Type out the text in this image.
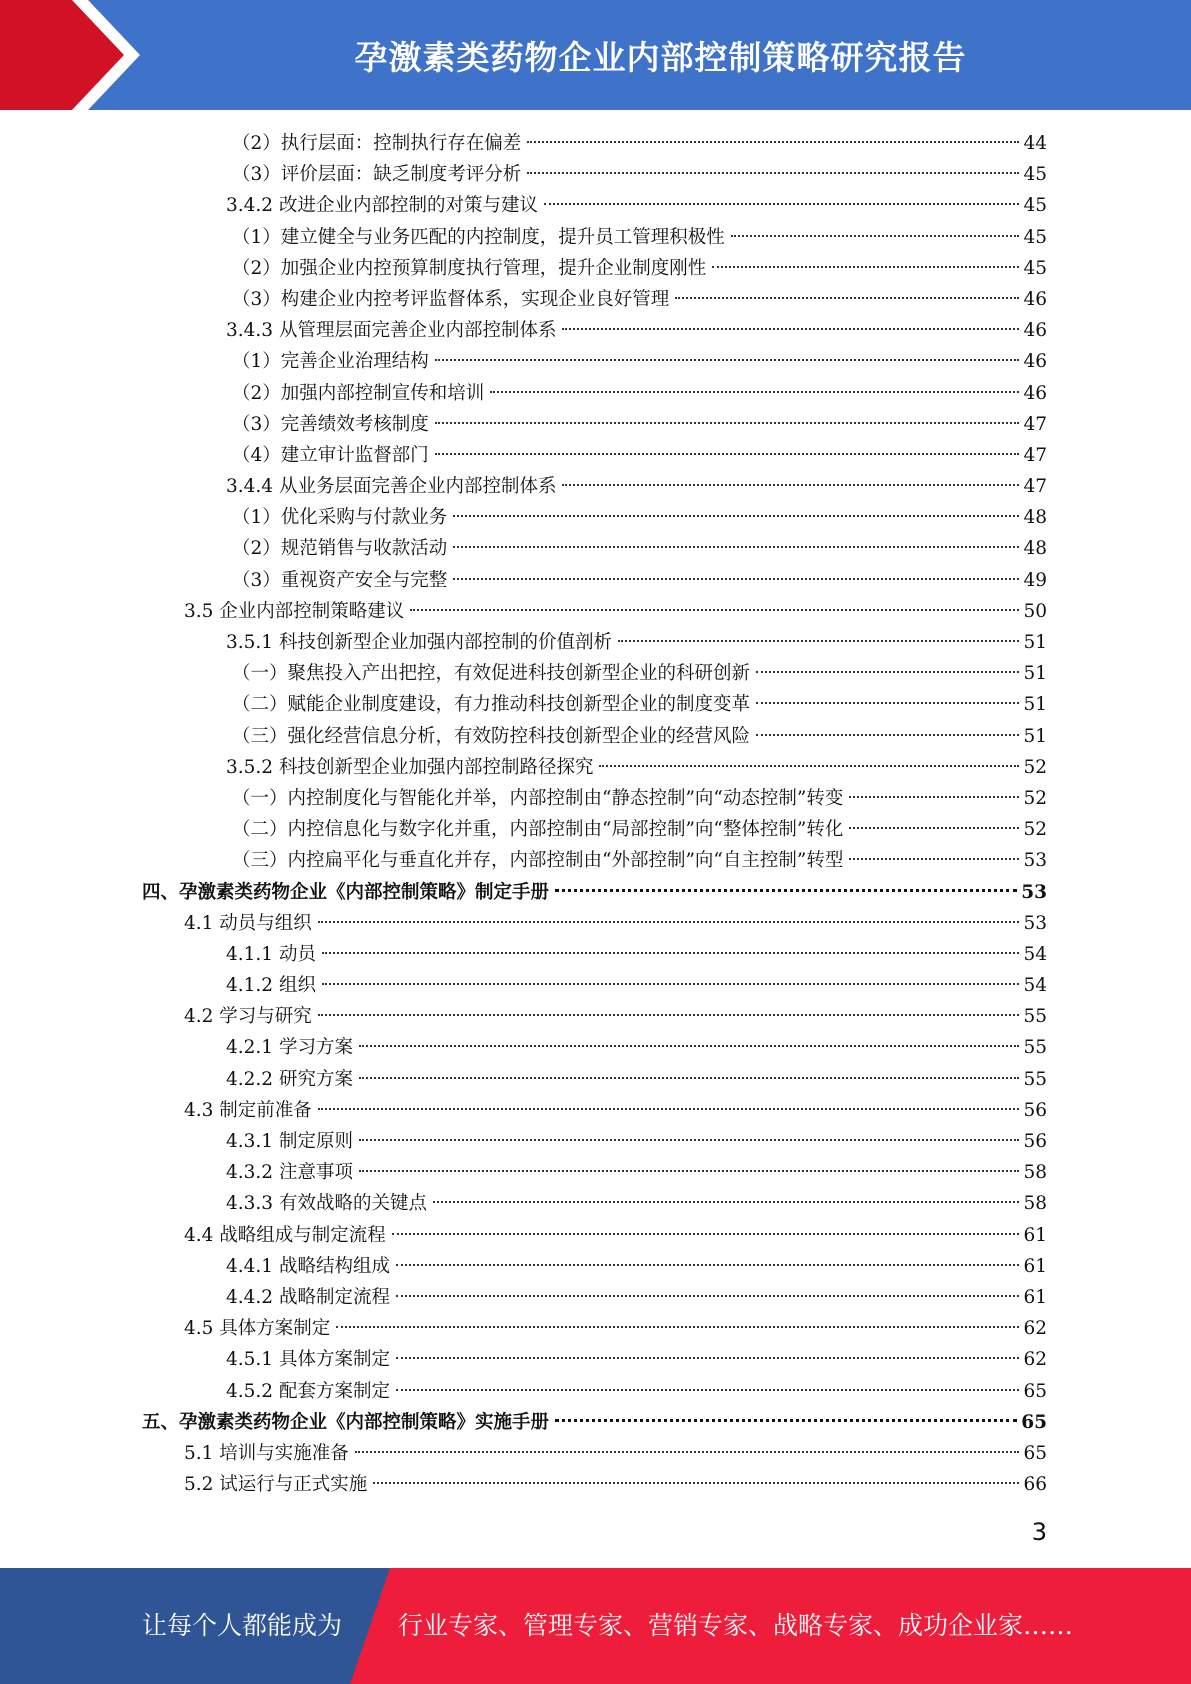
孕激素类药物企业内部控制策略研究报告
（2）执行层面：控制执行存在偏差	44
（3）评价层面：缺乏制度考评分析	45
3.4.2 改进企业内部控制的对策与建议	45
（1）建立健全与业务匹配的内控制度，提升员工管理积极性	45
（2）加强企业内控预算制度执行管理，提升企业制度刚性	45
（3）构建企业内控考评监督体系，实现企业良好管理	46
3.4.3 从管理层面完善企业内部控制体系	46
（1）完善企业治理结构	46
（2）加强内部控制宣传和培训	46
（3）完善绩效考核制度	47
（4）建立审计监督部门	47
3.4.4 从业务层面完善企业内部控制体系	47
（1）优化采购与付款业务	48
（2）规范销售与收款活动	48
（3）重视资产安全与完整	49
3.5 企业内部控制策略建议	50
3.5.1 科技创新型企业加强内部控制的价值剖析	51
（一）聚焦投入产出把控，有效促进科技创新型企业的科研创新	51
（二）赋能企业制度建设，有力推动科技创新型企业的制度变革	51
（三）强化经营信息分析，有效防控科技创新型企业的经营风险	51
3.5.2 科技创新型企业加强内部控制路径探究	52
（一）内控制度化与智能化并举，内部控制由“静态控制”向“动态控制”转变	52
（二）内控信息化与数字化并重，内部控制由“局部控制”向“整体控制”转化	52
（三）内控扁平化与垂直化并存，内部控制由“外部控制”向“自主控制”转型	53
四、孕激素类药物企业《内部控制策略》制定手册	53
4.1 动员与组织	53
4.1.1 动员	54
4.1.2 组织	54
4.2 学习与研究	55
4.2.1 学习方案	55
4.2.2 研究方案	55
4.3 制定前准备	56
4.3.1 制定原则	56
4.3.2 注意事项	58
4.3.3 有效战略的关键点	58
4.4 战略组成与制定流程	61
4.4.1 战略结构组成	61
4.4.2 战略制定流程	61
4.5 具体方案制定	62
4.5.1 具体方案制定	62
4.5.2 配套方案制定	65
五、孕激素类药物企业《内部控制策略》实施手册	65
5.1 培训与实施准备	65
5.2 试运行与正式实施	66
3
让每个人都能成为 行业专家、管理专家、营销专家、战略专家、成功企业家……
